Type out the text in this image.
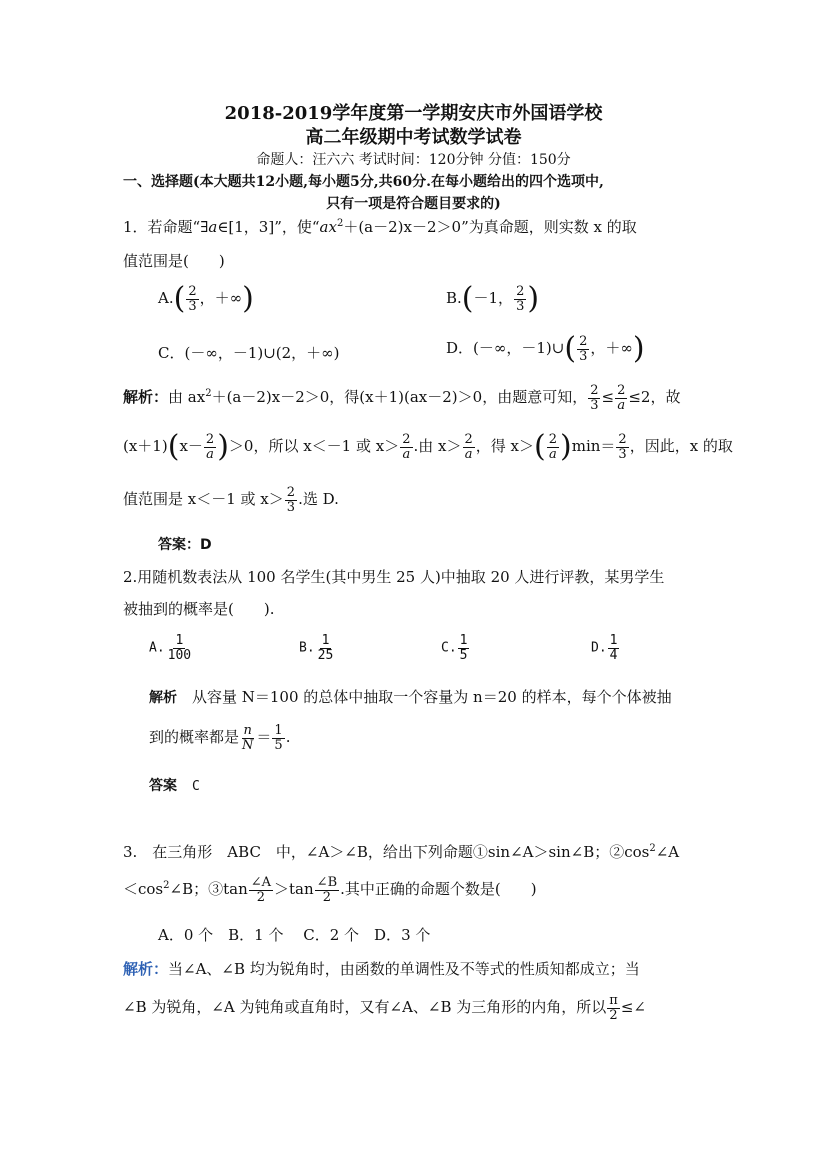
2018-2019学年度第一学期安庆市外国语学校
高二年级期中考试数学试卷
命题人：汪六六 考试时间：120分钟 分值：150分
一、选择题(本大题共12小题,每小题5分,共60分.在每小题给出的四个选项中,
只有一项是符合题目要求的)
1．若命题“∃a∈[1，3]”，使“$ax^2+(a-2)x-2>0$”为真命题，则实数 x 的取
值范围是(　　)
$A.( \frac{2}{3}$ ，＋∞)	B.(－1， $\frac{2}{3}$ )
C．(－∞，－1)∪(2，＋∞)	D．(－∞，－1)∪( $\frac{2}{3}$ ，＋∞)
解析：由 $ax^2+(a-2)x-2>0$，得(x＋1)(ax－2)＞0，由题意可知， $\frac{2}{3} \le \frac{2}{a} \le 2$，故
$(x+1)(x- \frac{2}{a} )>0$，所以 x＜－1 或 $x> \frac{2}{a}$ .由 $x> \frac{2}{a}$ ，得 $x>( \frac{2}{a} )\min= \frac{2}{3}$ ，因此，x 的取
值范围是 x＜－1 或 $x> \frac{2}{3}$ .选 D.
答案：D
2.用随机数表法从 100 名学生(其中男生 25 人)中抽取 20 人进行评教，某男学生
被抽到的概率是(　　).
A. $\frac{1}{100}$	B. $\frac{1}{25}$	C. $\frac{1}{5}$	D. $\frac{1}{4}$
解析  从容量 N＝100 的总体中抽取一个容量为 n＝20 的样本，每个个体被抽
到的概率都是 $\frac{n}{N} = \frac{1}{5}$ .
答案  C
3.　在三角形　ABC　中，∠A＞∠B，给出下列命题①sin∠A＞sin∠B；$②\cos^2\angle A$
$<\cos^2\angle B$；③tan $\frac{\angle A}{2} >\tan \frac{\angle B}{2}$ .其中正确的命题个数是(　　)
A．0 个　B．1 个　 C．2 个　D．3 个
解析：当∠A、∠B 均为锐角时，由函数的单调性及不等式的性质知都成立；当
∠B 为锐角，∠A 为钝角或直角时，又有∠A、∠B 为三角形的内角，所以 $\frac{\pi}{2}$ ≤∠
